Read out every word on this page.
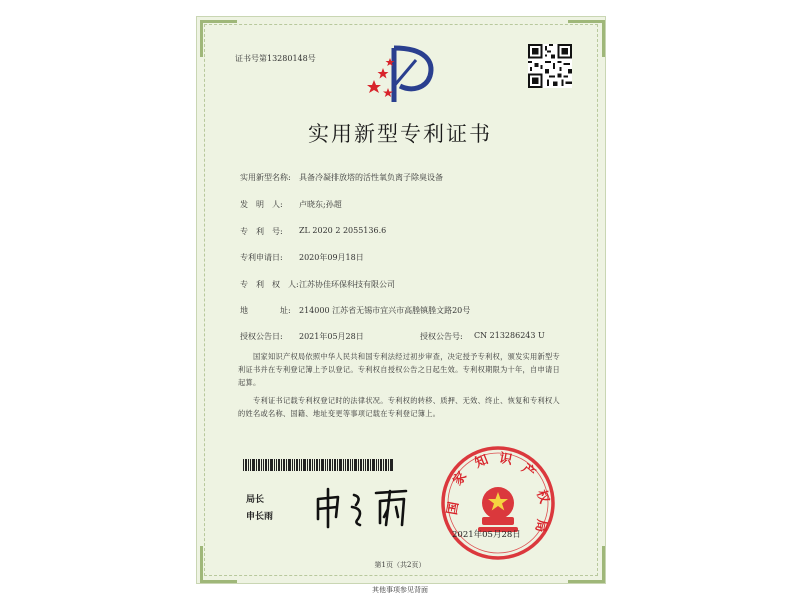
证书号第13280148号
实用新型专利证书
实用新型名称: 具备冷凝排放塔的活性氧负离子除臭设备
发　明　人: 卢晓东;孙超
专　利　号: ZL 2020 2 2055136.6
专利申请日: 2020年09月18日
专　利　权　人: 江苏协佳环保科技有限公司
地　　　　址: 214000 江苏省无锡市宜兴市高塍镇塍文路20号
授权公告日: 2021年05月28日	授权公告号: CN 213286243 U
国家知识产权局依照中华人民共和国专利法经过初步审查，决定授予专利权，颁发实用新型专利证书并在专利登记簿上予以登记。专利权自授权公告之日起生效。专利权期限为十年，自申请日起算。
专利证书记载专利权登记时的法律状况。专利权的转移、质押、无效、终止、恢复和专利权人的姓名或名称、国籍、地址变更等事项记载在专利登记簿上。
局长
申长雨
国
家
知 识
产
权
局
2021年05月28日
第1页（共2页）
其他事项参见背面
